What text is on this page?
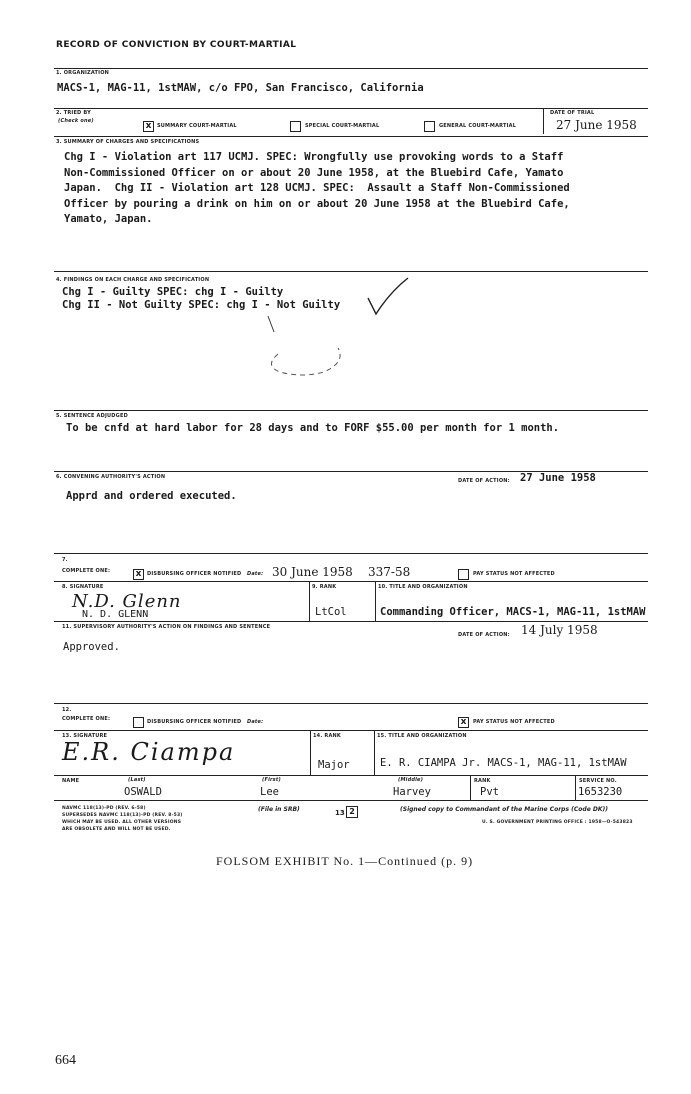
RECORD OF CONVICTION BY COURT-MARTIAL
1. ORGANIZATION
MACS-1, MAG-11, 1stMAW, c/o FPO, San Francisco, California
2. TRIED BY
(Check one)	x	SUMMARY COURT-MARTIAL	SPECIAL COURT-MARTIAL	GENERAL COURT-MARTIAL
DATE OF TRIAL
27 June 1958
3. SUMMARY OF CHARGES AND SPECIFICATIONS
Chg I - Violation art 117 UCMJ. SPEC: Wrongfully use provoking words to a Staff
Non-Commissioned Officer on or about 20 June 1958, at the Bluebird Cafe, Yamato
Japan.  Chg II - Violation art 128 UCMJ. SPEC:  Assault a Staff Non-Commissioned
Officer by pouring a drink on him on or about 20 June 1958 at the Bluebird Cafe,
Yamato, Japan.
4. FINDINGS ON EACH CHARGE AND SPECIFICATION
Chg I - Guilty SPEC: chg I - Guilty
Chg II - Not Guilty SPEC: chg I - Not Guilty
5. SENTENCE ADJUDGED
To be cnfd at hard labor for 28 days and to FORF $55.00 per month for 1 month.
6. CONVENING AUTHORITY'S ACTION
DATE OF ACTION: 27 June 1958
Apprd and ordered executed.
7.
COMPLETE ONE:	x	DISBURSING OFFICER NOTIFIED Date: 30 June 1958 337-58	PAY STATUS NOT AFFECTED
8. SIGNATURE
N.D. Glenn
N. D. GLENN
9. RANK
LtCol
10. TITLE AND ORGANIZATION
Commanding Officer, MACS-1, MAG-11, 1stMAW
11. SUPERVISORY AUTHORITY'S ACTION ON FINDINGS AND SENTENCE
DATE OF ACTION: 14 July 1958
Approved.
12.
COMPLETE ONE:	DISBURSING OFFICER NOTIFIED Date:	x	PAY STATUS NOT AFFECTED
13. SIGNATURE
E.R. Ciampa
14. RANK
Major
15. TITLE AND ORGANIZATION
E. R. CIAMPA Jr. MACS-1, MAG-11, 1stMAW
NAME	(Last)	(First)	(Middle)	RANK	SERVICE NO.
OSWALD	Lee	Harvey	Pvt	1653230
NAVMC 118(13)-PD (REV. 6-58)
SUPERSEDES NAVMC 118(13)-PD (REV. 8-53)
WHICH MAY BE USED. ALL OTHER VERSIONS
ARE OBSOLETE AND WILL NOT BE USED.
(File in SRB)	13 2	(Signed copy to Commandant of the Marine Corps (Code DK))
U. S. GOVERNMENT PRINTING OFFICE : 1958—O-543823
FOLSOM EXHIBIT No. 1—Continued (p. 9)
664
